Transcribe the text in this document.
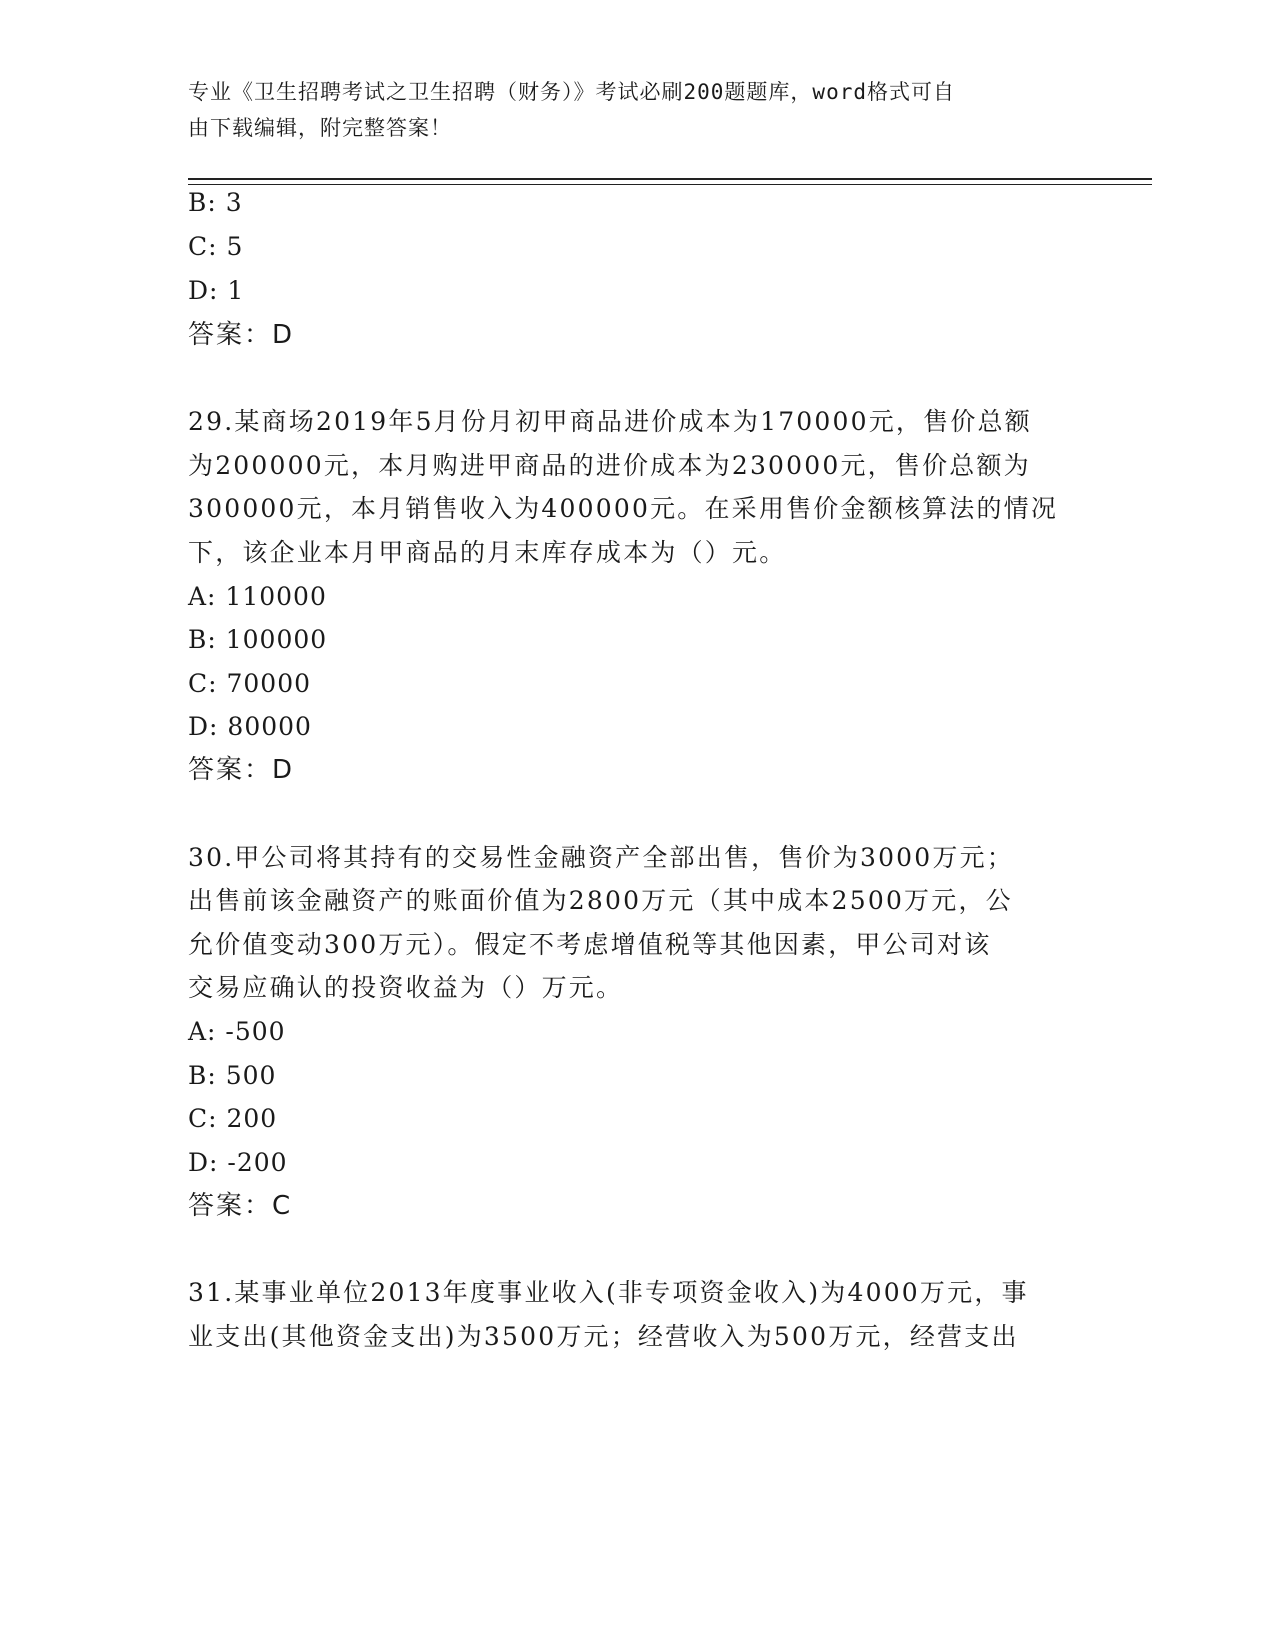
专业《卫生招聘考试之卫生招聘（财务）》考试必刷200题题库，word格式可自
由下载编辑，附完整答案！
B: 3
C: 5
D: 1
答案：D
29.某商场2019年5月份月初甲商品进价成本为170000元，售价总额
为200000元，本月购进甲商品的进价成本为230000元，售价总额为
300000元，本月销售收入为400000元。在采用售价金额核算法的情况
下，该企业本月甲商品的月末库存成本为（）元。
A: 110000
B: 100000
C: 70000
D: 80000
答案：D
30.甲公司将其持有的交易性金融资产全部出售，售价为3000万元；
出售前该金融资产的账面价值为2800万元（其中成本2500万元，公
允价值变动300万元）。假定不考虑增值税等其他因素，甲公司对该
交易应确认的投资收益为（）万元。
A: -500
B: 500
C: 200
D: -200
答案：C
31.某事业单位2013年度事业收入(非专项资金收入)为4000万元，事
业支出(其他资金支出)为3500万元；经营收入为500万元，经营支出
